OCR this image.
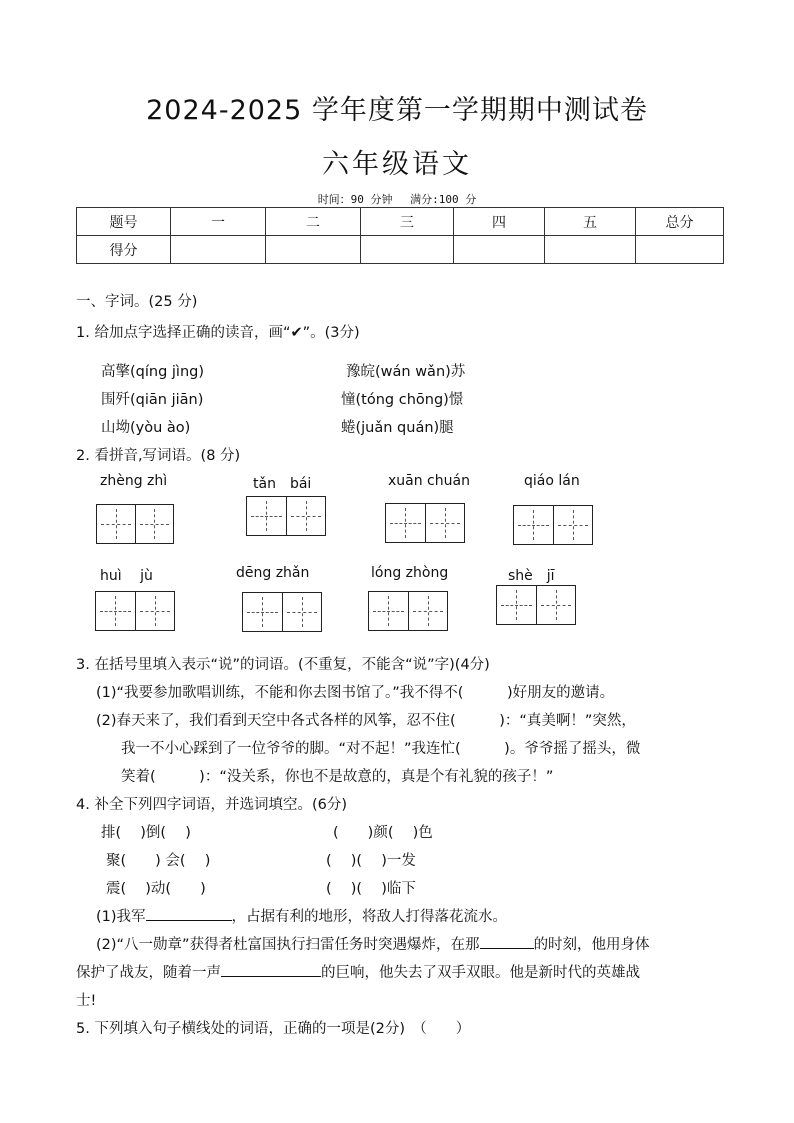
2024-2025 学年度第一学期期中测试卷
六年级语文
时间：90 分钟　 满分:100 分
题号	一	二	三	四	五	总分
得分						
一、字词。(25 分)
1. 给加点字选择正确的读音，画“✔”。(3分)
高擎(qíng jìng)	豫皖(wán wǎn)苏
围歼(qiān jiān)	憧(tóng chōng)憬
山坳(yòu ào)	蜷(juǎn quán)腿
2. 看拼音,写词语。(8 分)
zhèng zhì	tǎn　bái	xuān chuán	qiáo lán
huì　 jù	dēng zhǎn	lóng zhòng	shè　jī
3. 在括号里填入表示“说”的词语。(不重复，不能含“说”字)(4分)
(1)“我要参加歌唱训练，不能和你去图书馆了。”我不得不(　　　)好朋友的邀请。
(2)春天来了，我们看到天空中各式各样的风筝，忍不住(　　　)：“真美啊！”突然，
我一不小心踩到了一位爷爷的脚。“对不起！”我连忙(　　　)。爷爷摇了摇头，微
笑着(　　　)：“没关系，你也不是故意的，真是个有礼貌的孩子！”
4. 补全下列四字词语，并选词填空。(6分)
排(　 )倒(　 )	(　　)颜(　 )色
聚(　　) 会(　 )	(　 )(　 )一发
震(　 )动(　　)	(　 )(　 )临下
(1)我军	，占据有利的地形，将敌人打得落花流水。
(2)“八一勋章”获得者杜富国执行扫雷任务时突遇爆炸，在那	的时刻，他用身体
保护了战友，随着一声	的巨响，他失去了双手双眼。他是新时代的英雄战
士!
5. 下列填入句子横线处的词语，正确的一项是(2分)　（　　）
